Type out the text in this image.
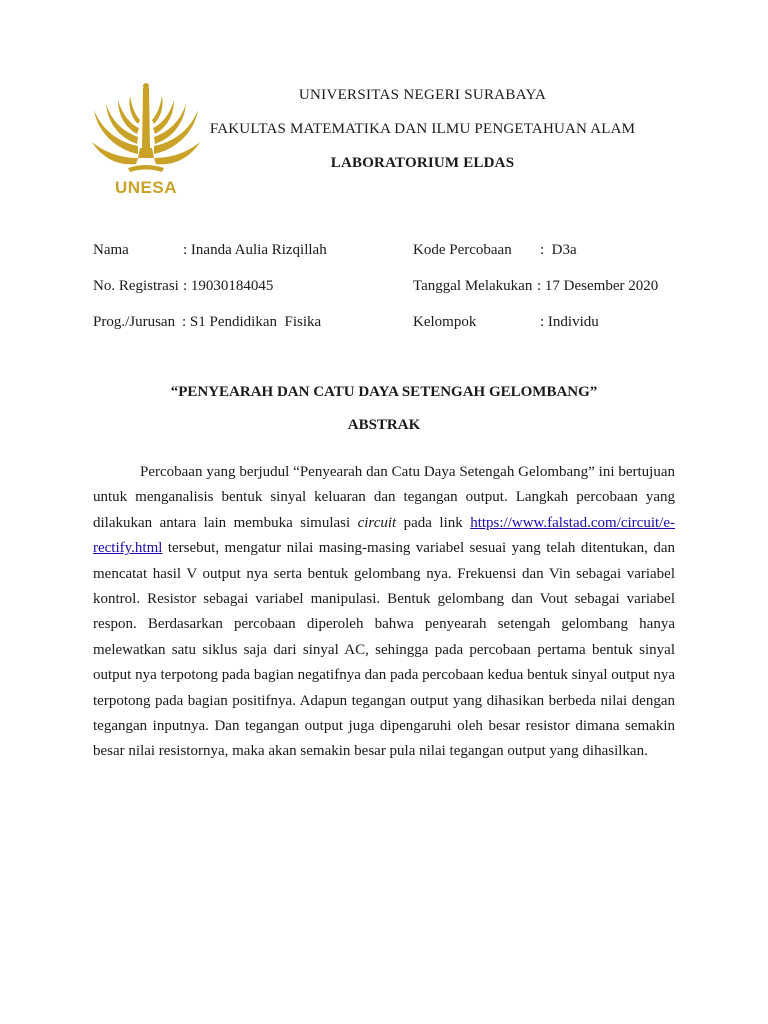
UNESA
UNIVERSITAS NEGERI SURABAYA
FAKULTAS MATEMATIKA DAN ILMU PENGETAHUAN ALAM
LABORATORIUM ELDAS
Nama	: Inanda Aulia Rizqillah
No. Registrasi : 19030184045
Prog./Jurusan : S1 Pendidikan  Fisika
Kode Percobaan :  D3a
Tanggal Melakukan : 17 Desember 2020
Kelompok	: Individu
“PENYEARAH DAN CATU DAYA SETENGAH GELOMBANG”
ABSTRAK

Percobaan yang berjudul “Penyearah dan Catu Daya Setengah Gelombang” ini bertujuan untuk menganalisis bentuk sinyal keluaran dan tegangan output. Langkah percobaan yang dilakukan antara lain membuka simulasi circuit pada link https://www.falstad.com/circuit/e-rectify.html tersebut, mengatur nilai masing-masing variabel sesuai yang telah ditentukan, dan mencatat hasil V output nya serta bentuk gelombang nya. Frekuensi dan Vin sebagai variabel kontrol. Resistor sebagai variabel manipulasi. Bentuk gelombang dan Vout sebagai variabel respon. Berdasarkan percobaan diperoleh bahwa penyearah setengah gelombang hanya melewatkan satu siklus saja dari sinyal AC, sehingga pada percobaan pertama bentuk sinyal output nya terpotong pada bagian negatifnya dan pada percobaan kedua bentuk sinyal output nya terpotong pada bagian positifnya. Adapun tegangan output yang dihasikan berbeda nilai dengan tegangan inputnya. Dan tegangan output juga dipengaruhi oleh besar resistor dimana semakin besar nilai resistornya, maka akan semakin besar pula nilai tegangan output yang dihasilkan.
